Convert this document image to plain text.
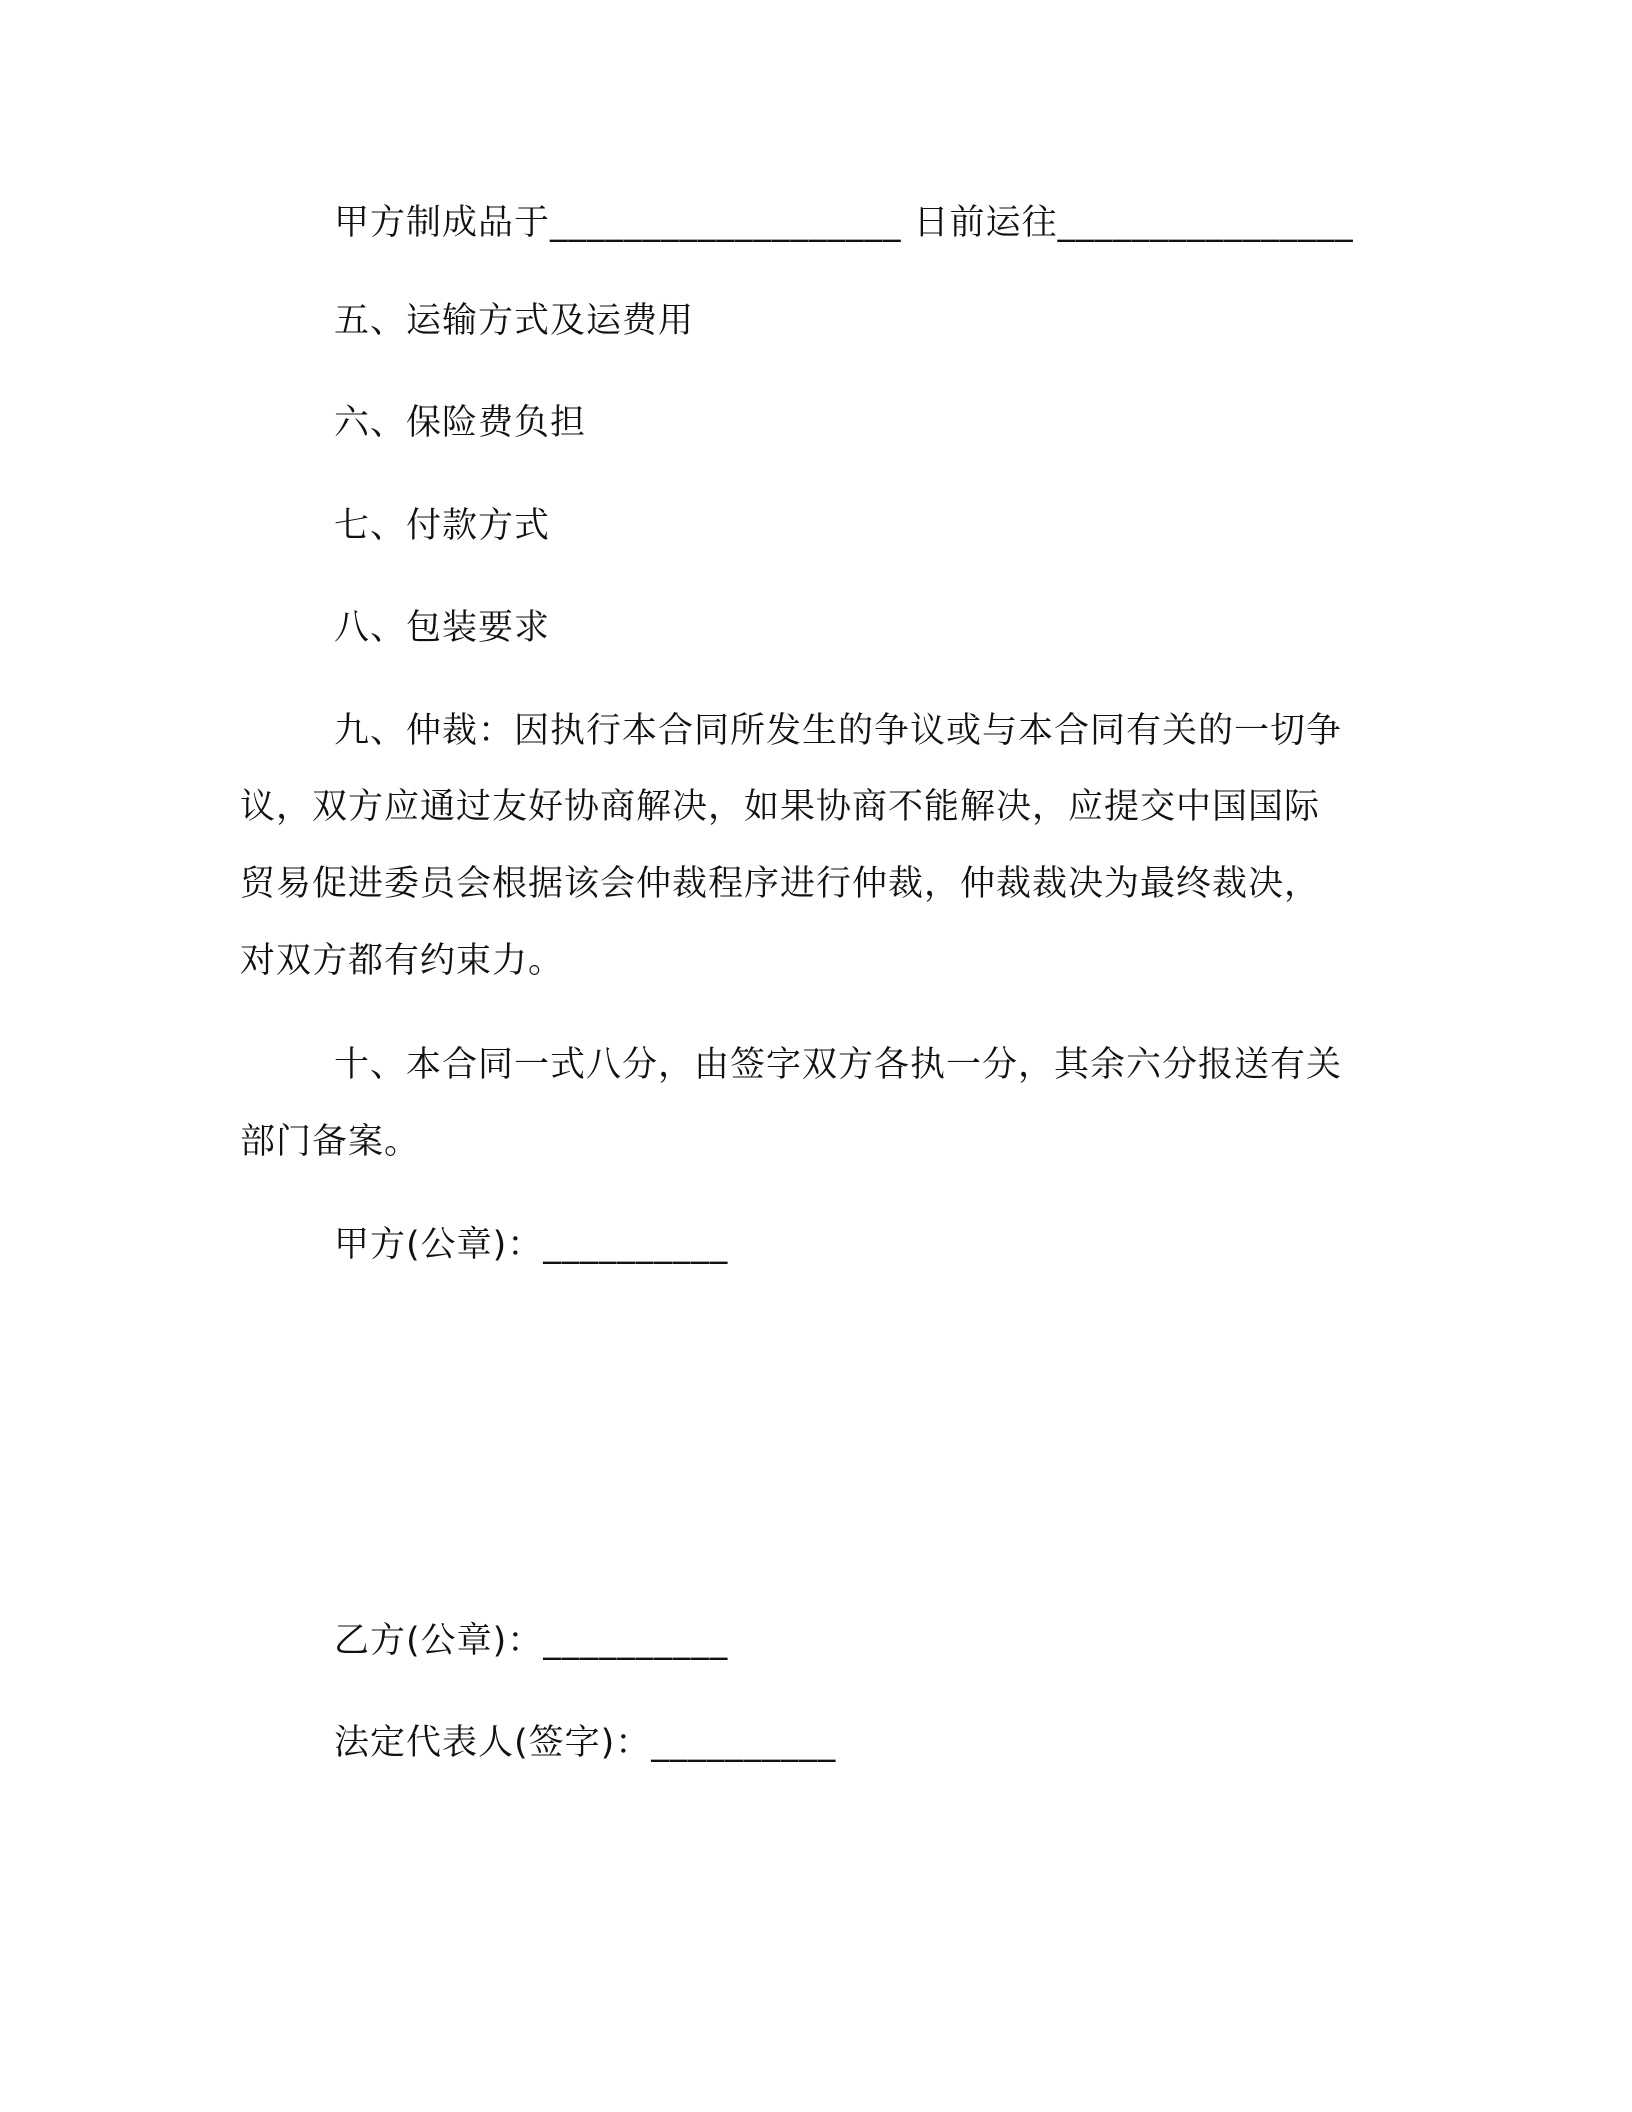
甲方制成品于___________________ 日前运往________________
五、运输方式及运费用
六、保险费负担
七、付款方式
八、包装要求
九、仲裁：因执行本合同所发生的争议或与本合同有关的一切争
议，双方应通过友好协商解决，如果协商不能解决，应提交中国国际
贸易促进委员会根据该会仲裁程序进行仲裁，仲裁裁决为最终裁决，
对双方都有约束力。
十、本合同一式八分，由签字双方各执一分，其余六分报送有关
部门备案。
甲方(公章)：__________
乙方(公章)：__________
法定代表人(签字)：__________
